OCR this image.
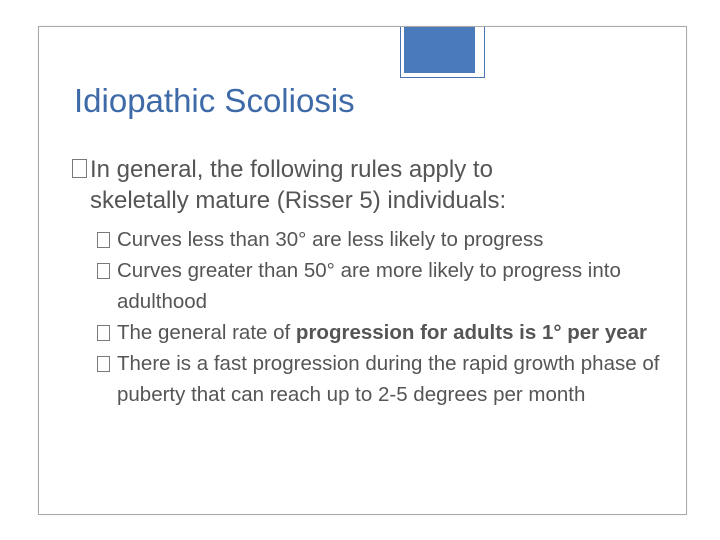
Idiopathic Scoliosis
In general, the following rules apply to
skeletally mature (Risser 5) individuals:
Curves less than 30° are less likely to progress
Curves greater than 50° are more likely to progress into adulthood
The general rate of progression for adults is 1° per year
There is a fast progression during the rapid growth phase of puberty that can reach up to 2-5 degrees per month
